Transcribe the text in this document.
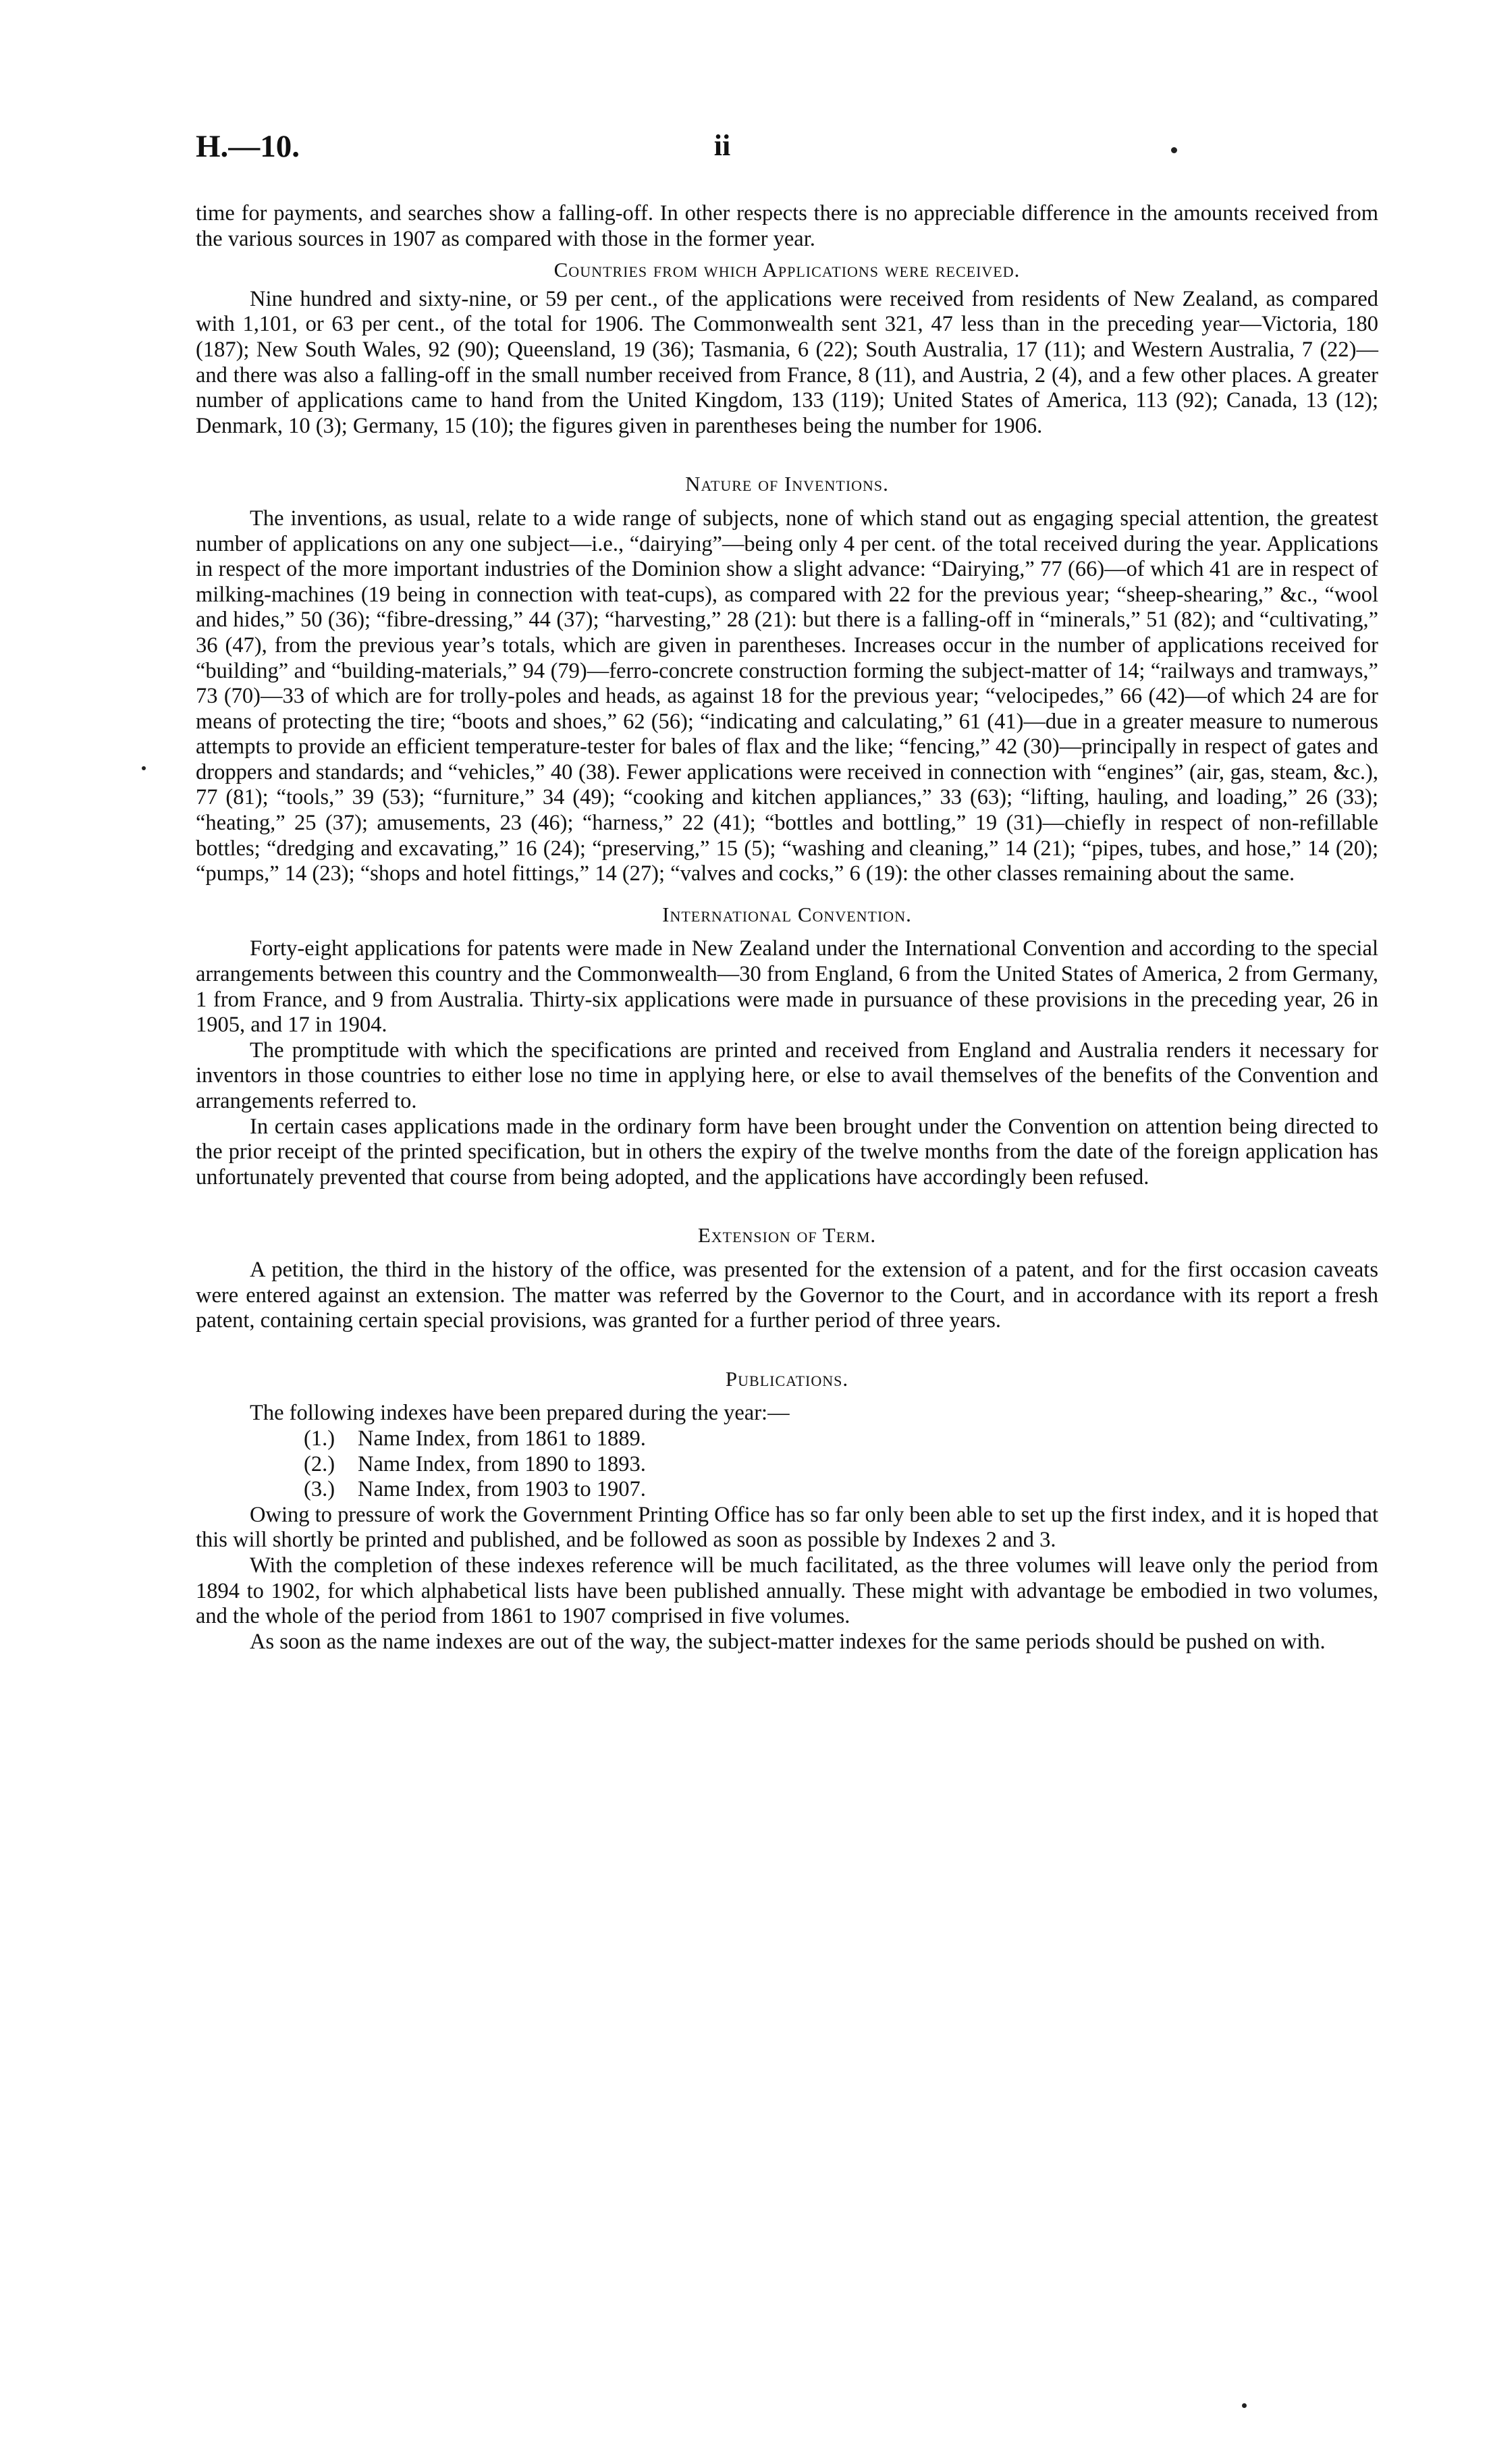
H.—10.	ii

time for payments, and searches show a falling-off. In other respects there is no appreciable difference in the amounts received from the various sources in 1907 as compared with those in the former year.

Countries from which Applications were received.

Nine hundred and sixty-nine, or 59 per cent., of the applications were received from residents of New Zealand, as compared with 1,101, or 63 per cent., of the total for 1906. The Commonwealth sent 321, 47 less than in the preceding year—Victoria, 180 (187); New South Wales, 92 (90); Queensland, 19 (36); Tasmania, 6 (22); South Australia, 17 (11); and Western Australia, 7 (22)—and there was also a falling-off in the small number received from France, 8 (11), and Austria, 2 (4), and a few other places. A greater number of applications came to hand from the United Kingdom, 133 (119); United States of America, 113 (92); Canada, 13 (12); Denmark, 10 (3); Germany, 15 (10); the figures given in parentheses being the number for 1906.

Nature of Inventions.

The inventions, as usual, relate to a wide range of subjects, none of which stand out as engaging special attention, the greatest number of applications on any one subject—i.e., “dairying”—being only 4 per cent. of the total received during the year. Applications in respect of the more important industries of the Dominion show a slight advance: “Dairying,” 77 (66)—of which 41 are in respect of milking-machines (19 being in connection with teat-cups), as compared with 22 for the previous year; “sheep-shearing,” &c., “wool and hides,” 50 (36); “fibre-dressing,” 44 (37); “harvesting,” 28 (21): but there is a falling-off in “minerals,” 51 (82); and “cultivating,” 36 (47), from the previous year’s totals, which are given in parentheses. Increases occur in the number of applications received for “building” and “building-materials,” 94 (79)—ferro-concrete construction forming the subject-matter of 14; “railways and tramways,” 73 (70)—33 of which are for trolly-poles and heads, as against 18 for the previous year; “velocipedes,” 66 (42)—of which 24 are for means of protecting the tire; “boots and shoes,” 62 (56); “indicating and calculating,” 61 (41)—due in a greater measure to numerous attempts to provide an efficient temperature-tester for bales of flax and the like; “fencing,” 42 (30)—principally in respect of gates and droppers and standards; and “vehicles,” 40 (38). Fewer applications were received in connection with “engines” (air, gas, steam, &c.), 77 (81); “tools,” 39 (53); “furniture,” 34 (49); “cooking and kitchen appliances,” 33 (63); “lifting, hauling, and loading,” 26 (33); “heating,” 25 (37); amusements, 23 (46); “harness,” 22 (41); “bottles and bottling,” 19 (31)—chiefly in respect of non-refillable bottles; “dredging and excavating,” 16 (24); “preserving,” 15 (5); “washing and cleaning,” 14 (21); “pipes, tubes, and hose,” 14 (20); “pumps,” 14 (23); “shops and hotel fittings,” 14 (27); “valves and cocks,” 6 (19): the other classes remaining about the same.

International Convention.

Forty-eight applications for patents were made in New Zealand under the International Convention and according to the special arrangements between this country and the Commonwealth—30 from England, 6 from the United States of America, 2 from Germany, 1 from France, and 9 from Australia. Thirty-six applications were made in pursuance of these provisions in the preceding year, 26 in 1905, and 17 in 1904.

The promptitude with which the specifications are printed and received from England and Australia renders it necessary for inventors in those countries to either lose no time in applying here, or else to avail themselves of the benefits of the Convention and arrangements referred to.

In certain cases applications made in the ordinary form have been brought under the Convention on attention being directed to the prior receipt of the printed specification, but in others the expiry of the twelve months from the date of the foreign application has unfortunately prevented that course from being adopted, and the applications have accordingly been refused.

Extension of Term.

A petition, the third in the history of the office, was presented for the extension of a patent, and for the first occasion caveats were entered against an extension. The matter was referred by the Governor to the Court, and in accordance with its report a fresh patent, containing certain special provisions, was granted for a further period of three years.

Publications.

The following indexes have been prepared during the year:—

(1.)	Name Index, from 1861 to 1889.
(2.)	Name Index, from 1890 to 1893.
(3.)	Name Index, from 1903 to 1907.

Owing to pressure of work the Government Printing Office has so far only been able to set up the first index, and it is hoped that this will shortly be printed and published, and be followed as soon as possible by Indexes 2 and 3.

With the completion of these indexes reference will be much facilitated, as the three volumes will leave only the period from 1894 to 1902, for which alphabetical lists have been published annually. These might with advantage be embodied in two volumes, and the whole of the period from 1861 to 1907 comprised in five volumes.

As soon as the name indexes are out of the way, the subject-matter indexes for the same periods should be pushed on with.
